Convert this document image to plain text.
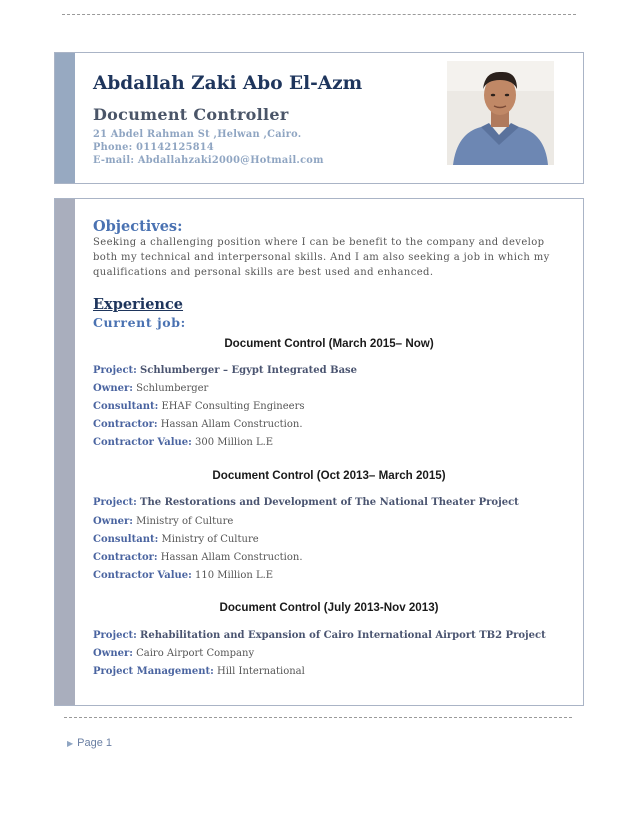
Abdallah Zaki Abo El-Azm
Document Controller
21 Abdel Rahman St ,Helwan ,Cairo.
Phone: 01142125814
E-mail: Abdallahzaki2000@Hotmail.com
Objectives:
Seeking a challenging position where I can be benefit to the company and develop both my technical and interpersonal skills. And I am also seeking a job in which my qualifications and personal skills are best used and enhanced.
Experience
Current job:
Document Control (March 2015– Now)
Project: Schlumberger – Egypt Integrated Base
Owner: Schlumberger
Consultant: EHAF Consulting Engineers
Contractor: Hassan Allam Construction.
Contractor Value: 300 Million L.E
Document Control (Oct 2013– March 2015)
Project: The Restorations and Development of The National Theater Project
Owner: Ministry of Culture
Consultant: Ministry of Culture
Contractor: Hassan Allam Construction.
Contractor Value: 110 Million L.E
Document Control (July 2013-Nov 2013)
Project: Rehabilitation and Expansion of Cairo International Airport TB2 Project
Owner: Cairo Airport Company
Project Management: Hill International
▶ Page 1
